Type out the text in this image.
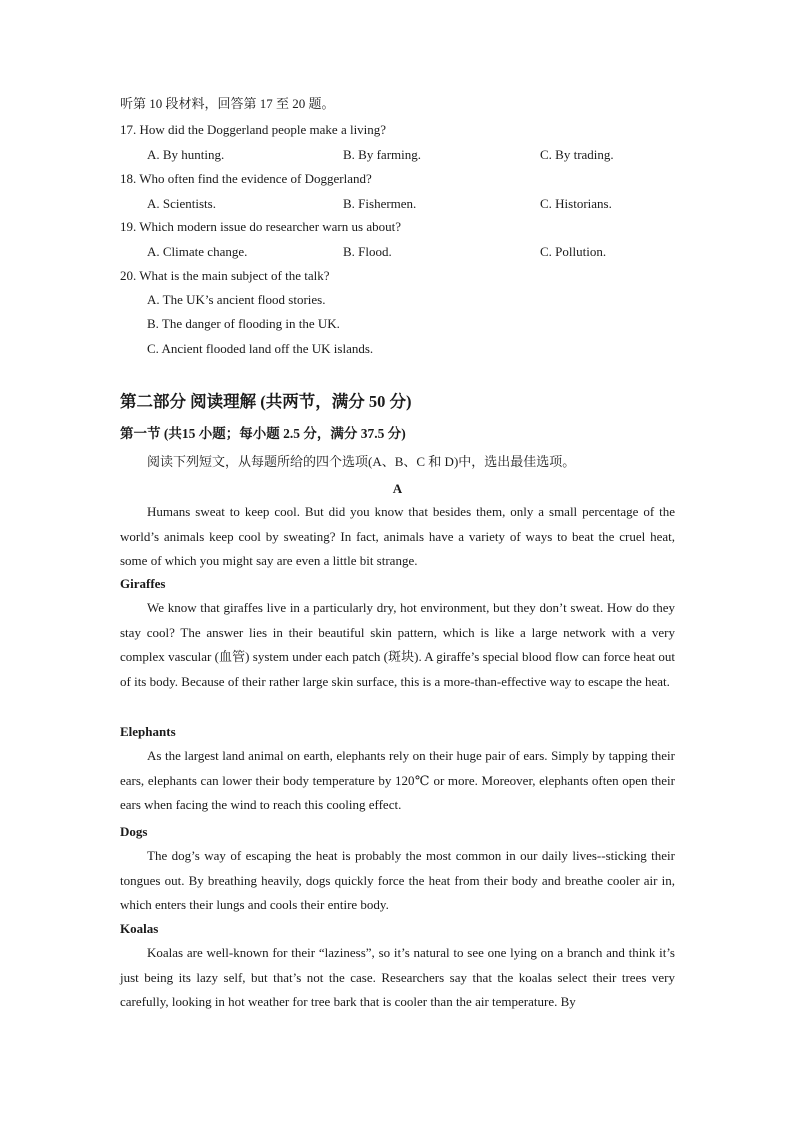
听第 10 段材料，回答第 17 至 20 题。
17. How did the Doggerland people make a living?
A. By hunting.	B. By farming.	C. By trading.
18. Who often find the evidence of Doggerland?
A. Scientists.	B. Fishermen.	C. Historians.
19. Which modern issue do researcher warn us about?
A. Climate change.	B. Flood.	C. Pollution.
20. What is the main subject of the talk?
A. The UK’s ancient flood stories.
B. The danger of flooding in the UK.
C. Ancient flooded land off the UK islands.
第二部分 阅读理解 (共两节，满分 50 分)
第一节 (共15 小题；每小题 2.5 分，满分 37.5 分)
阅读下列短文，从每题所给的四个选项(A、B、C 和 D)中，选出最佳选项。
A

Humans sweat to keep cool. But did you know that besides them, only a small percentage of the world’s animals keep cool by sweating? In fact, animals have a variety of ways to beat the cruel heat, some of which you might say are even a little bit strange.

Giraffes

We know that giraffes live in a particularly dry, hot environment, but they don’t sweat. How do they stay cool? The answer lies in their beautiful skin pattern, which is like a large network with a very complex vascular (血管) system under each patch (斑块). A giraffe’s special blood flow can force heat out of its body. Because of their rather large skin surface, this is a more-than-effective way to escape the heat.

Elephants

As the largest land animal on earth, elephants rely on their huge pair of ears. Simply by tapping their ears, elephants can lower their body temperature by 120℃ or more. Moreover, elephants often open their ears when facing the wind to reach this cooling effect.

Dogs

The dog’s way of escaping the heat is probably the most common in our daily lives--sticking their tongues out. By breathing heavily, dogs quickly force the heat from their body and breathe cooler air in, which enters their lungs and cools their entire body.

Koalas

Koalas are well-known for their “laziness”, so it’s natural to see one lying on a branch and think it’s just being its lazy self, but that’s not the case. Researchers say that the koalas select their trees very carefully, looking in hot weather for tree bark that is cooler than the air temperature. By
